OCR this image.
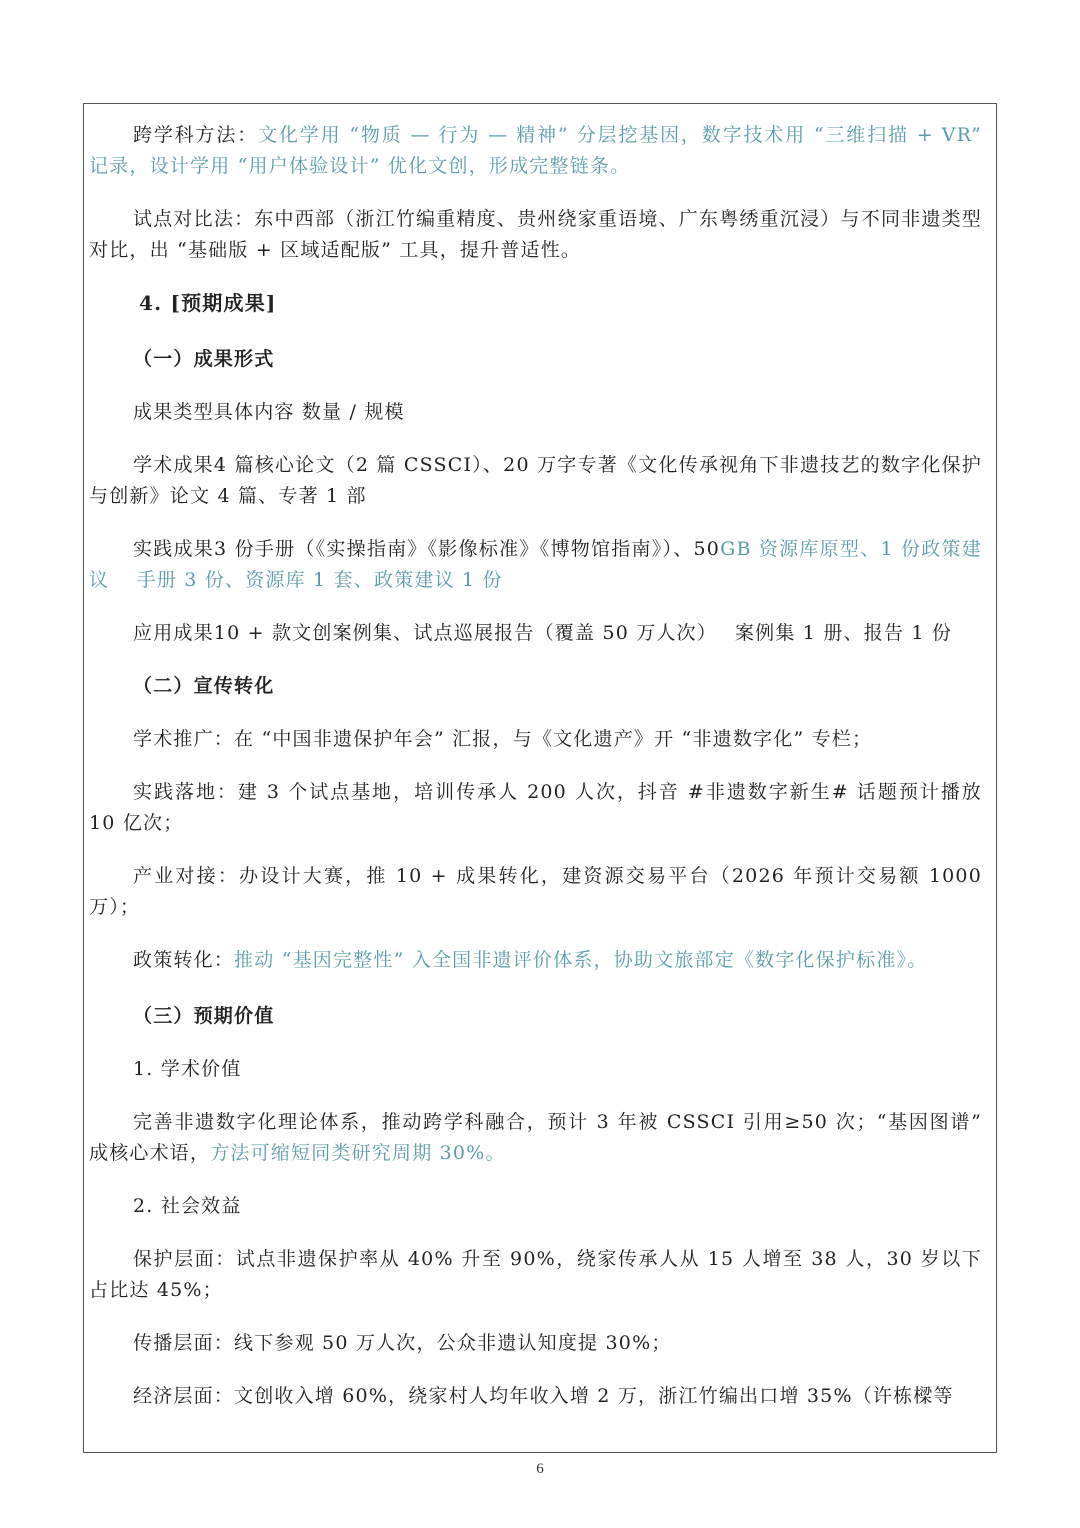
跨学科方法：文化学用 “物质 — 行为 — 精神” 分层挖基因，数字技术用 “三维扫描 + VR” 记录，设计学用 “用户体验设计” 优化文创，形成完整链条。

试点对比法：东中西部（浙江竹编重精度、贵州绕家重语境、广东粤绣重沉浸）与不同非遗类型对比，出 “基础版 + 区域适配版” 工具，提升普适性。

4. [预期成果]

（一）成果形式

成果类型具体内容 数量 / 规模

学术成果4 篇核心论文（2 篇 CSSCI）、20 万字专著《文化传承视角下非遗技艺的数字化保护与创新》论文 4 篇、专著 1 部

实践成果3 份手册（《实操指南》《影像标准》《博物馆指南》）、50GB 资源库原型、1 份政策建议　 手册 3 份、资源库 1 套、政策建议 1 份

应用成果10 + 款文创案例集、试点巡展报告（覆盖 50 万人次）　 案例集 1 册、报告 1 份

（二）宣传转化

学术推广：在 “中国非遗保护年会” 汇报，与《文化遗产》开 “非遗数字化” 专栏；

实践落地：建 3 个试点基地，培训传承人 200 人次，抖音 #非遗数字新生# 话题预计播放 10 亿次；

产业对接：办设计大赛，推 10 + 成果转化，建资源交易平台（2026 年预计交易额 1000 万）；

政策转化：推动 “基因完整性” 入全国非遗评价体系，协助文旅部定《数字化保护标准》。

（三）预期价值

1. 学术价值

完善非遗数字化理论体系，推动跨学科融合，预计 3 年被 CSSCI 引用≥50 次；“基因图谱” 成核心术语，方法可缩短同类研究周期 30%。

2. 社会效益

保护层面：试点非遗保护率从 40% 升至 90%，绕家传承人从 15 人增至 38 人，30 岁以下占比达 45%；

传播层面：线下参观 50 万人次，公众非遗认知度提 30%；

经济层面：文创收入增 60%，绕家村人均年收入增 2 万，浙江竹编出口增 35%（许栋樑等

6
